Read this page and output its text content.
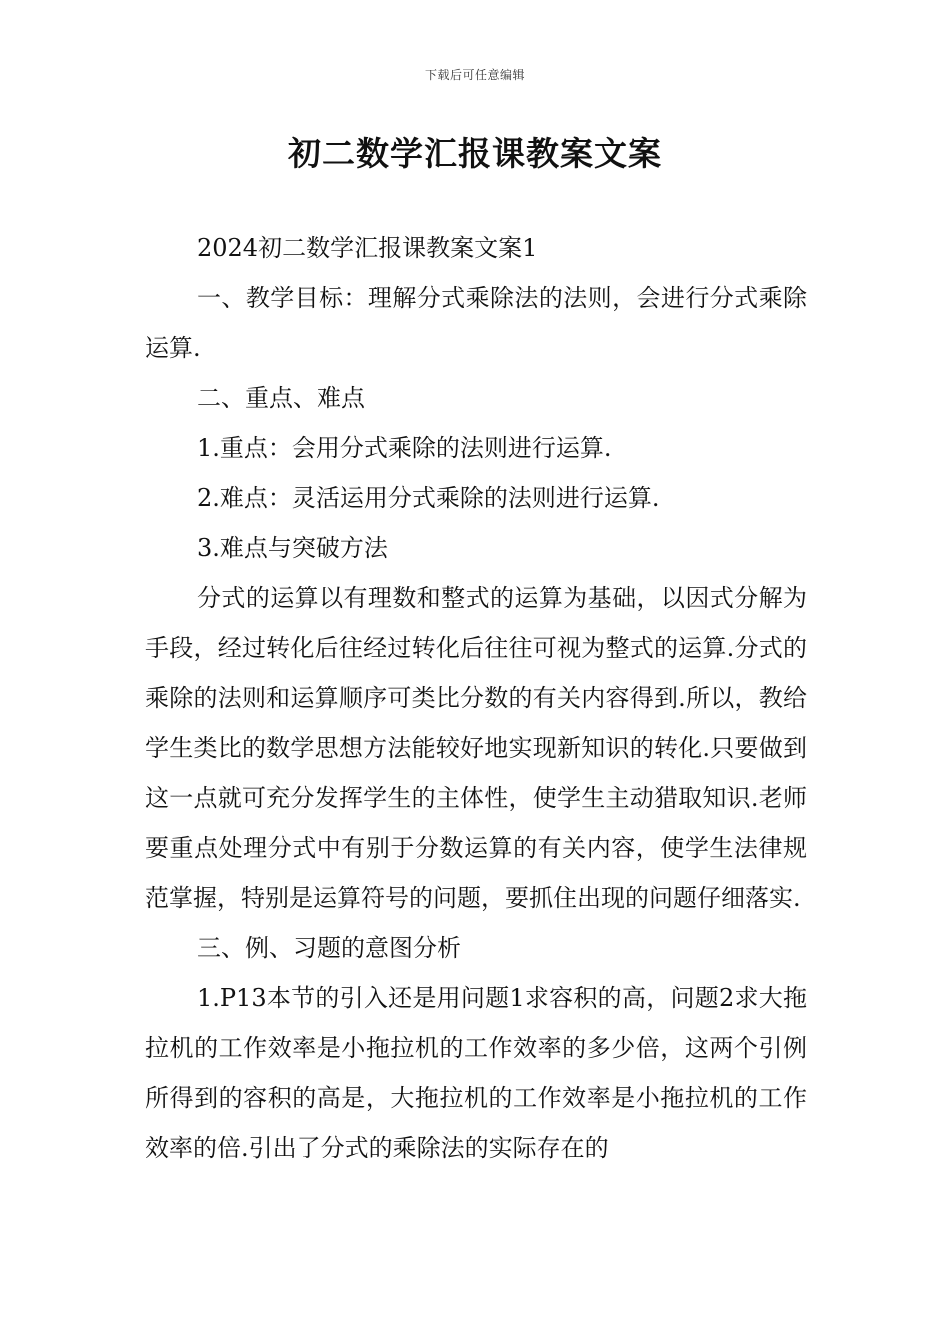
下载后可任意编辑
初二数学汇报课教案文案

2024初二数学汇报课教案文案1

一、教学目标：理解分式乘除法的法则，会进行分式乘除运算.

二、重点、难点

1.重点：会用分式乘除的法则进行运算.

2.难点：灵活运用分式乘除的法则进行运算.

3.难点与突破方法

分式的运算以有理数和整式的运算为基础，以因式分解为手段，经过转化后往经过转化后往往可视为整式的运算.分式的乘除的法则和运算顺序可类比分数的有关内容得到.所以，教给学生类比的数学思想方法能较好地实现新知识的转化.只要做到这一点就可充分发挥学生的主体性，使学生主动猎取知识.老师要重点处理分式中有别于分数运算的有关内容，使学生法律规范掌握，特别是运算符号的问题，要抓住出现的问题仔细落实.

三、例、习题的意图分析

1.P13本节的引入还是用问题1求容积的高，问题2求大拖拉机的工作效率是小拖拉机的工作效率的多少倍，这两个引例所得到的容积的高是，大拖拉机的工作效率是小拖拉机的工作效率的倍.引出了分式的乘除法的实际存在的
